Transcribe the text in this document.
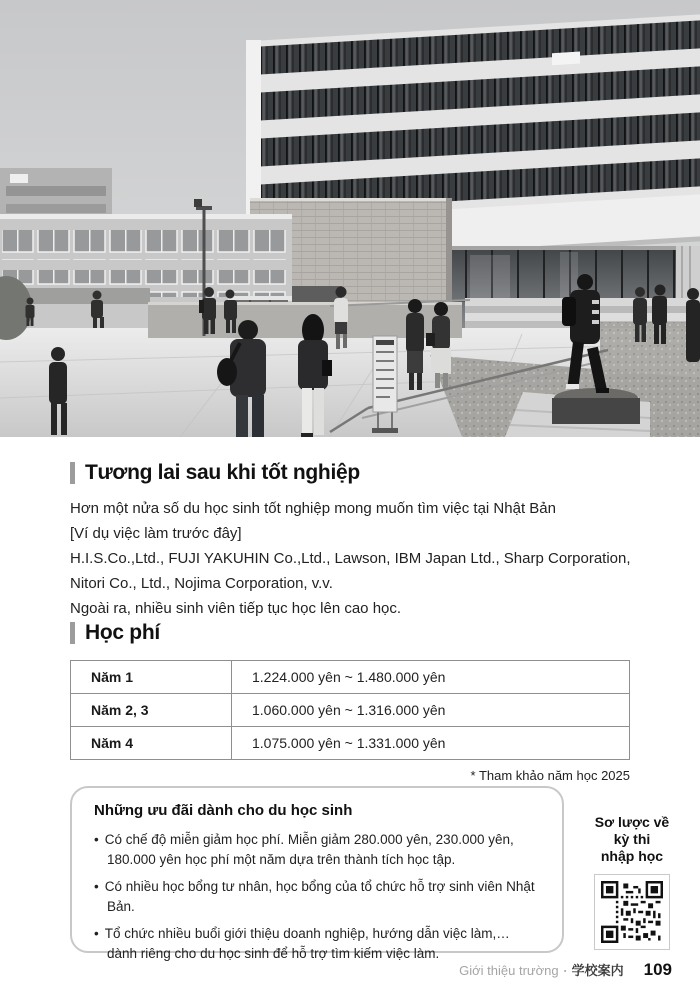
Tương lai sau khi tốt nghiệp

Hơn một nửa số du học sinh tốt nghiệp mong muốn tìm việc tại Nhật Bản

[Ví dụ việc làm trước đây]

H.I.S.Co.,Ltd., FUJI YAKUHIN Co.,Ltd., Lawson, IBM Japan Ltd., Sharp Corporation, Nitori Co., Ltd., Nojima Corporation, v.v.

Ngoài ra, nhiều sinh viên tiếp tục học lên cao học.

Học phí
Năm 1	1.224.000 yên ~ 1.480.000 yên
Năm 2, 3	1.060.000 yên ~ 1.316.000 yên
Năm 4	1.075.000 yên ~ 1.331.000 yên
* Tham khảo năm học 2025
Những ưu đãi dành cho du học sinh
• Có chế độ miễn giảm học phí. Miễn giảm 280.000 yên, 230.000 yên, 180.000 yên học phí một năm dựa trên thành tích học tập.
• Có nhiều học bổng tư nhân, học bổng của tổ chức hỗ trợ sinh viên Nhật Bản.
• Tổ chức nhiều buổi giới thiệu doanh nghiệp, hướng dẫn việc làm,… dành riêng cho du học sinh để hỗ trợ tìm kiếm việc làm.
Sơ lược về
kỳ thi
nhập học
Giới thiệu trường ・ 学校案内 109
